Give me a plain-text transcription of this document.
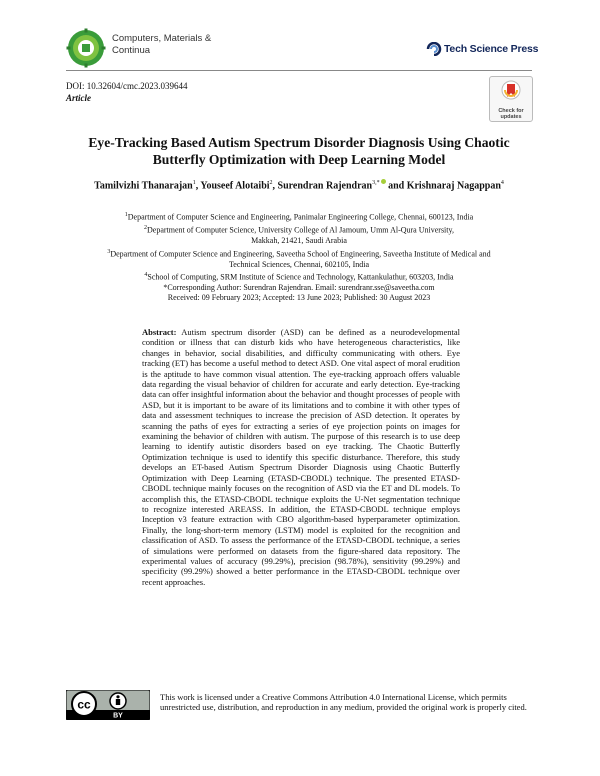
Computers, Materials &
Continua	Tech Science Press
DOI: 10.32604/cmc.2023.039644
Article
Check for
updates
Eye-Tracking Based Autism Spectrum Disorder Diagnosis Using Chaotic
Butterfly Optimization with Deep Learning Model
Tamilvizhi Thanarajan$^1$, Youseef Alotaibi$^2$, Surendran Rajendran$^{3,*}$ and Krishnaraj Nagappan$^4$

$^1$Department of Computer Science and Engineering, Panimalar Engineering College, Chennai, 600123, India

$^2$Department of Computer Science, University College of Al Jamoum, Umm Al-Qura University,

Makkah, 21421, Saudi Arabia

$^3$Department of Computer Science and Engineering, Saveetha School of Engineering, Saveetha Institute of Medical and

Technical Sciences, Chennai, 602105, India

$^4$School of Computing, SRM Institute of Science and Technology, Kattankulathur, 603203, India

*Corresponding Author: Surendran Rajendran. Email: surendranr.sse@saveetha.com

Received: 09 February 2023; Accepted: 13 June 2023; Published: 30 August 2023

Abstract: Autism spectrum disorder (ASD) can be defined as a neurodevelopmental condition or illness that can disturb kids who have heterogeneous characteristics, like changes in behavior, social disabilities, and difficulty communicating with others. Eye tracking (ET) has become a useful method to detect ASD. One vital aspect of moral erudition is the aptitude to have common visual attention. The eye-tracking approach offers valuable data regarding the visual behavior of children for accurate and early detection. Eye-tracking data can offer insightful information about the behavior and thought processes of people with ASD, but it is important to be aware of its limitations and to combine it with other types of data and assessment techniques to increase the precision of ASD detection. It operates by scanning the paths of eyes for extracting a series of eye projection points on images for examining the behavior of children with autism. The purpose of this research is to use deep learning to identify autistic disorders based on eye tracking. The Chaotic Butterfly Optimization technique is used to identify this specific disturbance. Therefore, this study develops an ET-based Autism Spectrum Disorder Diagnosis using Chaotic Butterfly Optimization with Deep Learning (ETASD-CBODL) technique. The presented ETASD-CBODL technique mainly focuses on the recognition of ASD via the ET and DL models. To accomplish this, the ETASD-CBODL technique exploits the U-Net segmentation technique to recognize interested AREASS. In addition, the ETASD-CBODL technique employs Inception v3 feature extraction with CBO algorithm-based hyperparameter optimization. Finally, the long-short-term memory (LSTM) model is exploited for the recognition and classification of ASD. To assess the performance of the ETASD-CBODL technique, a series of simulations were performed on datasets from the figure-shared data repository. The experimental values of accuracy (99.29%), precision (98.78%), sensitivity (99.29%) and specificity (99.29%) showed a better performance in the ETASD-CBODL technique over recent approaches.
cc
BY
This work is licensed under a Creative Commons Attribution 4.0 International License, which permits unrestricted use, distribution, and reproduction in any medium, provided the original work is properly cited.
